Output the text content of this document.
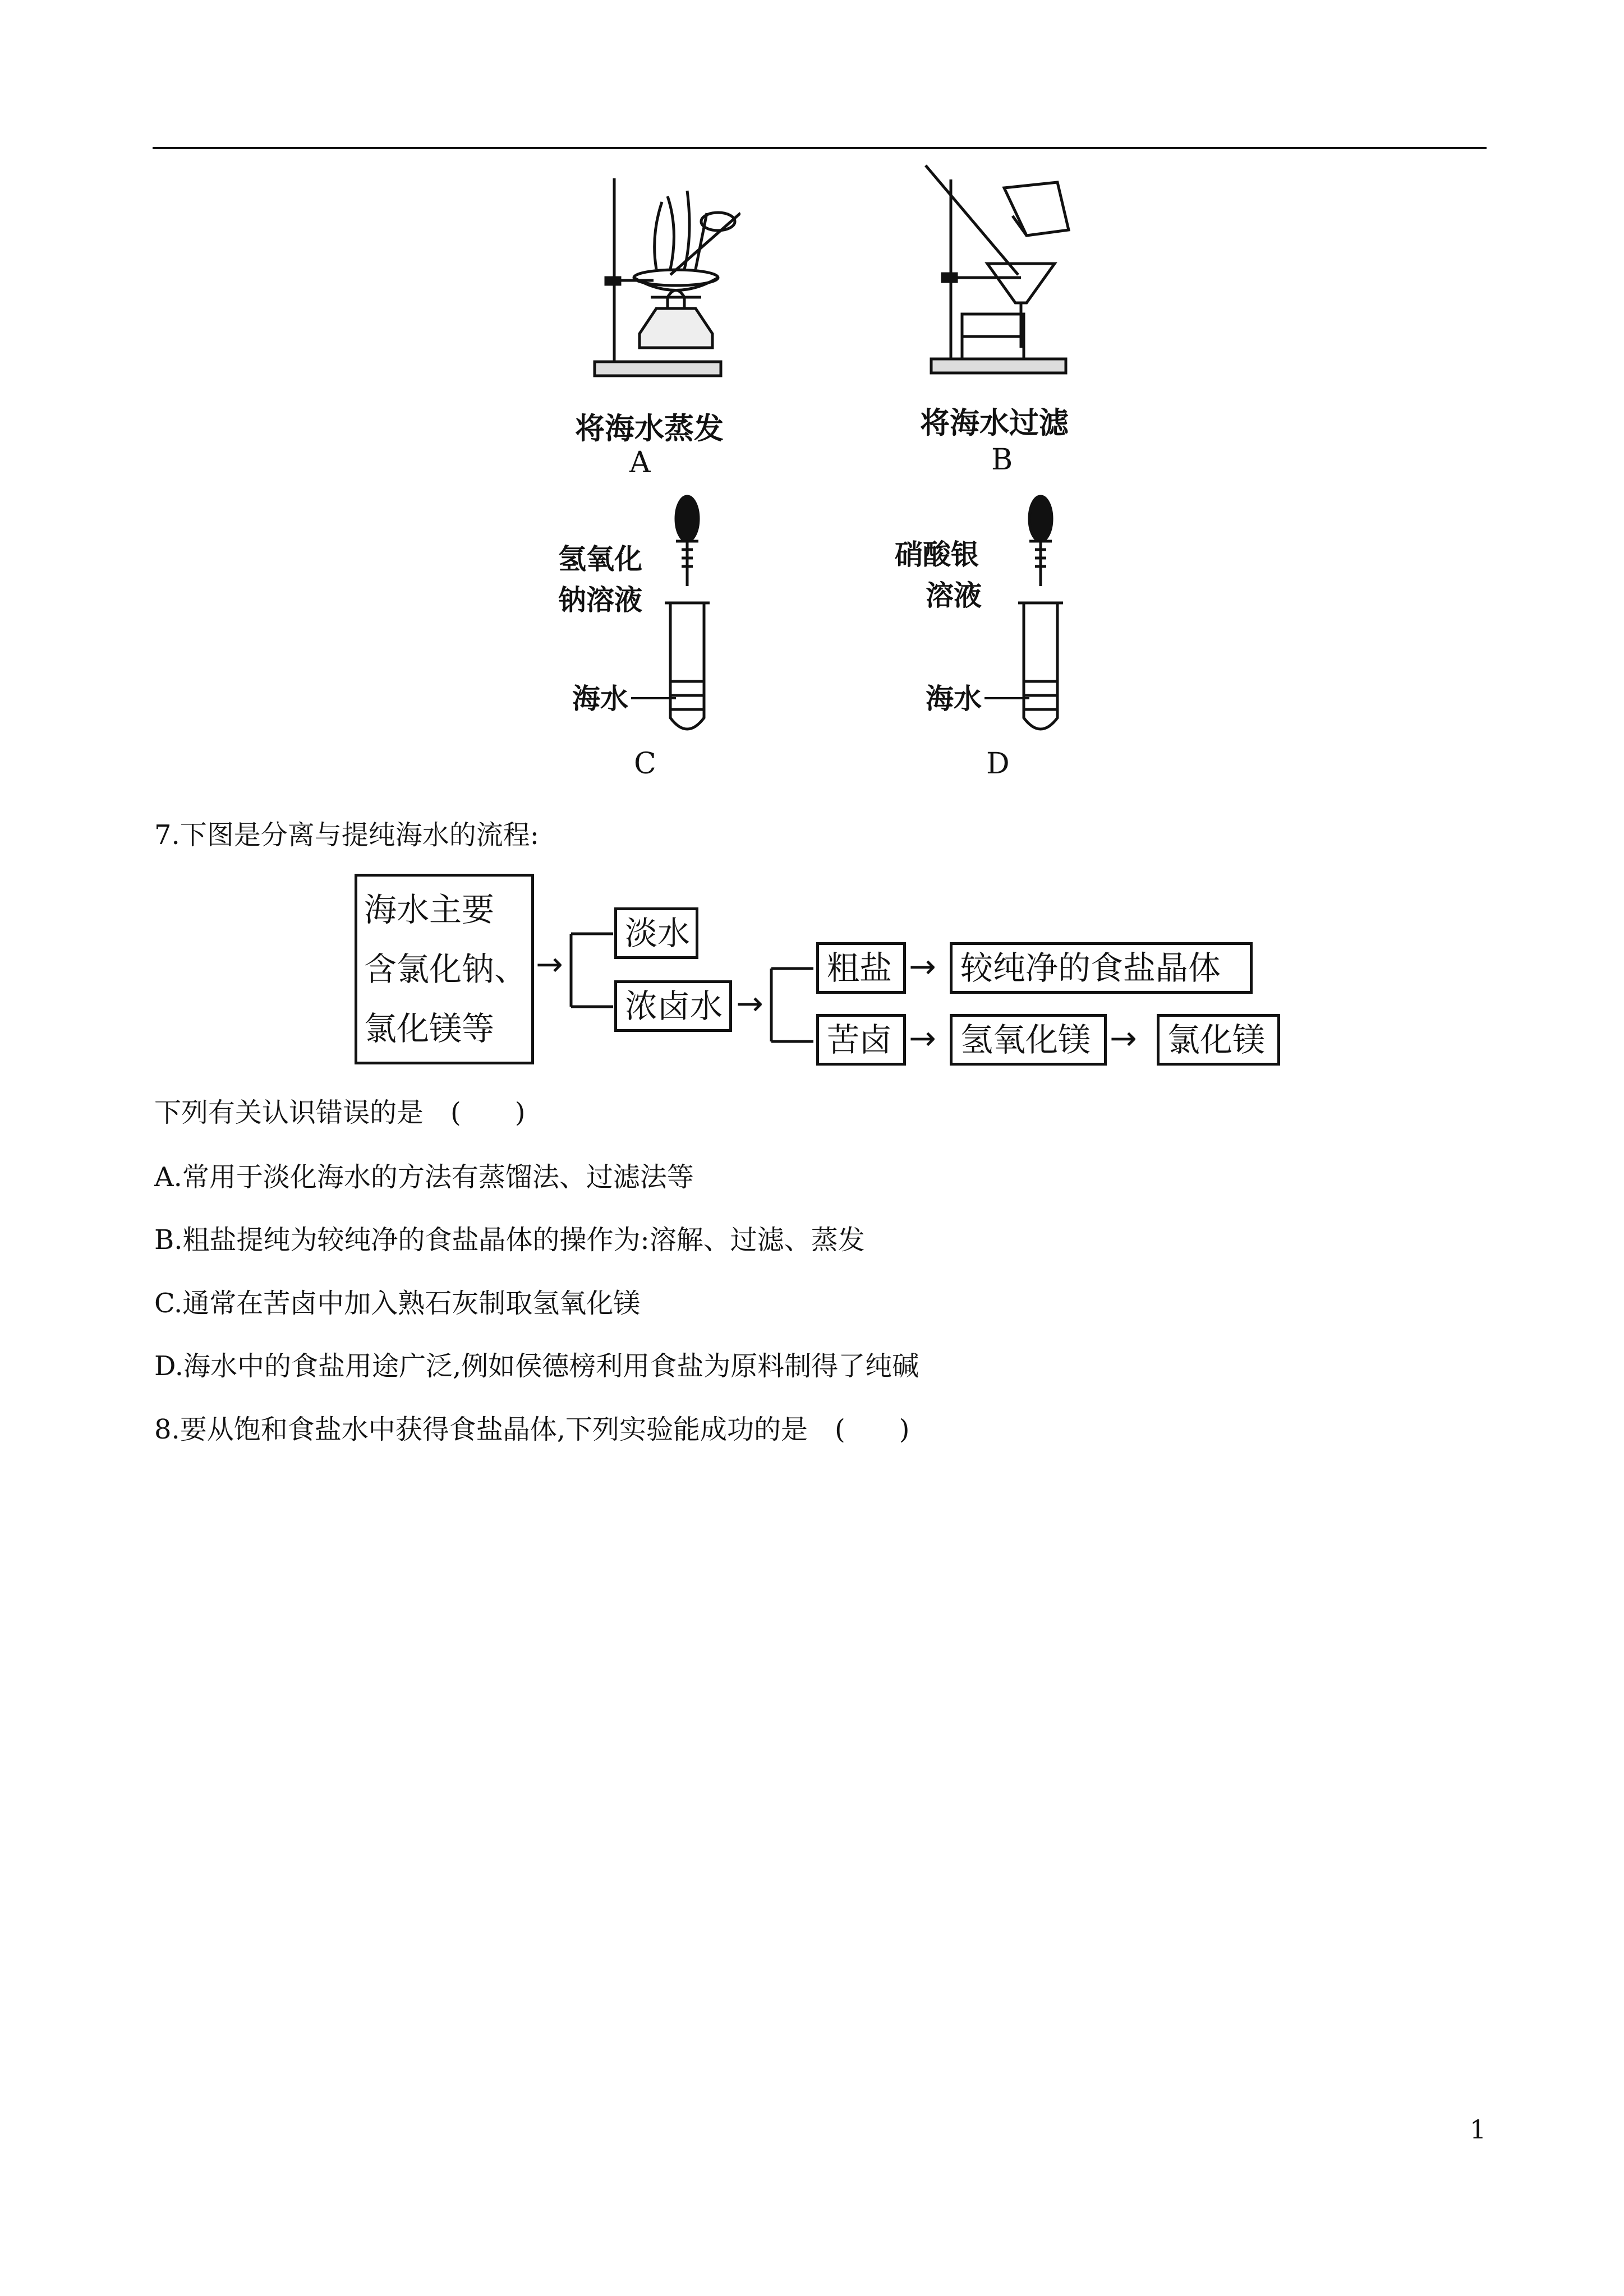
将海水蒸发
A
将海水过滤
B
氢氧化
钠溶液
海水
C
硝酸银
溶液
海水
D
7.下图是分离与提纯海水的流程:
海水主要
含氯化钠、
氯化镁等
→
淡水
浓卤水 →
粗盐 → 较纯净的食盐晶体
苦卤 → 氢氧化镁 → 氯化镁
下列有关认识错误的是　(　　)
A.常用于淡化海水的方法有蒸馏法、过滤法等
B.粗盐提纯为较纯净的食盐晶体的操作为:溶解、过滤、蒸发
C.通常在苦卤中加入熟石灰制取氢氧化镁
D.海水中的食盐用途广泛,例如侯德榜利用食盐为原料制得了纯碱
8.要从饱和食盐水中获得食盐晶体,下列实验能成功的是　(　　)
1
